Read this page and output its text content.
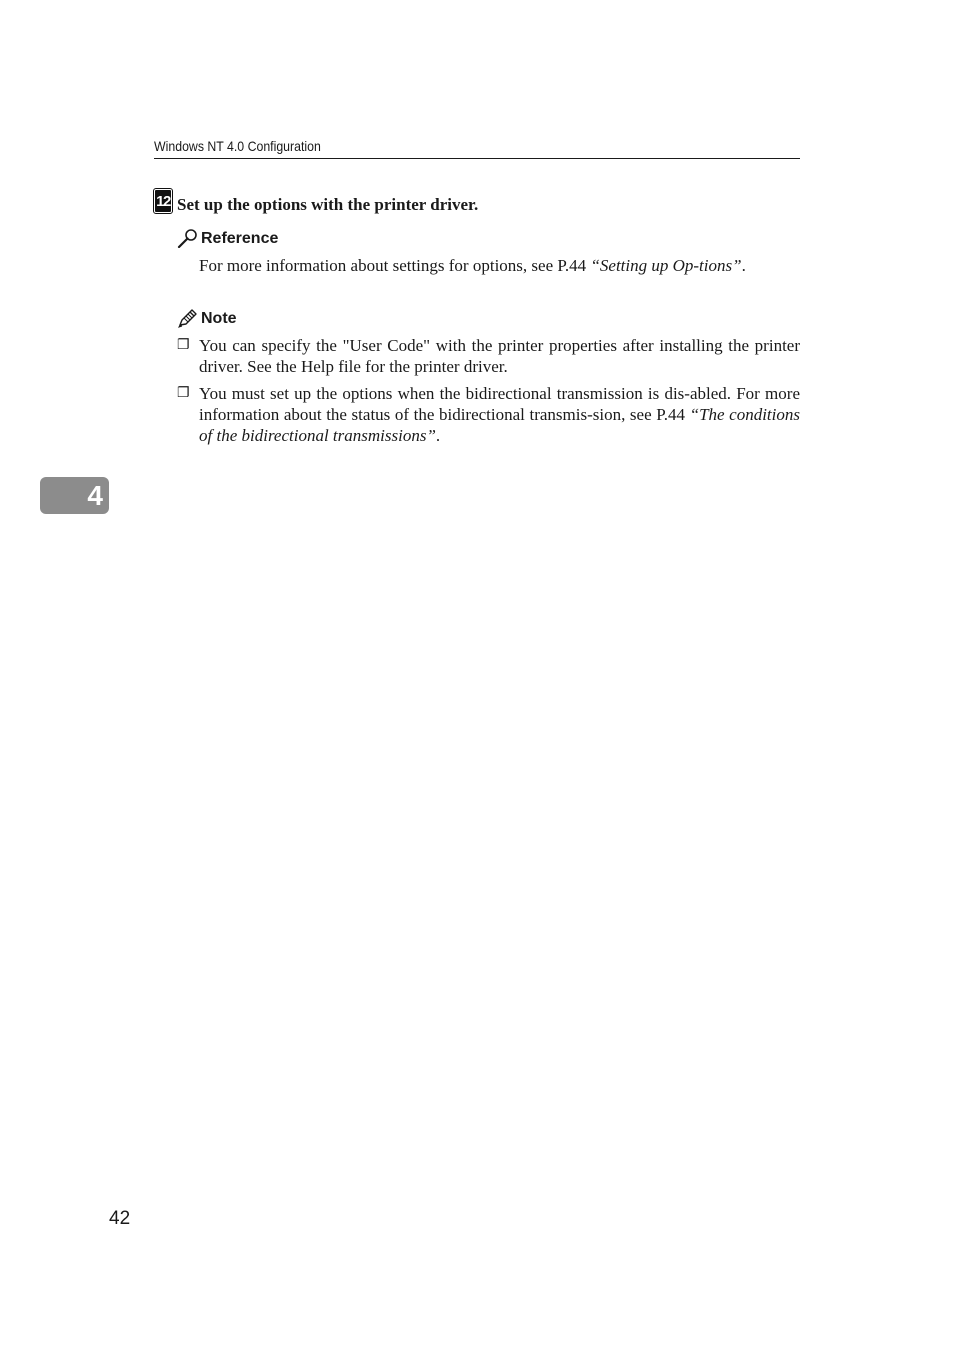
Windows NT 4.0 Configuration
12 Set up the options with the printer driver.
Reference
For more information about settings for options, see P.44 “Setting up Op-tions”.
Note
❐ You can specify the "User Code" with the printer properties after installing the printer driver. See the Help file for the printer driver.
❐ You must set up the options when the bidirectional transmission is dis-abled. For more information about the status of the bidirectional transmis-sion, see P.44 “The conditions of the bidirectional transmissions”.
4
42
